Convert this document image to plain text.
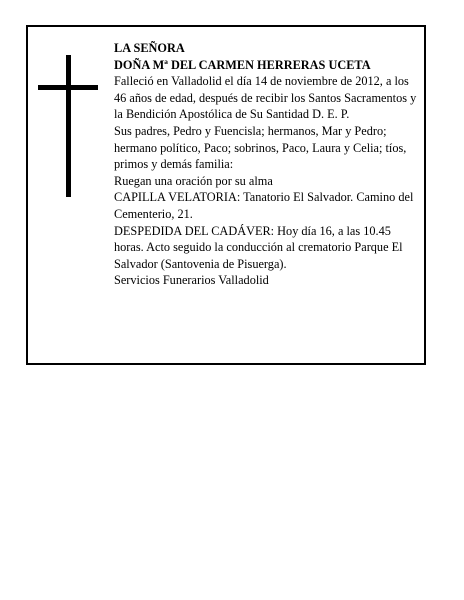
LA SEÑORA

DOÑA Mª DEL CARMEN HERRERAS UCETA

Falleció en Valladolid el día 14 de noviembre de 2012, a los 46 años de edad, después de recibir los Santos Sacramentos y la Bendición Apostólica de Su Santidad D. E. P.

Sus padres, Pedro y Fuencisla; hermanos, Mar y Pedro; hermano político, Paco; sobrinos, Paco, Laura y Celia; tíos, primos y demás familia:

Ruegan una oración por su alma

CAPILLA VELATORIA: Tanatorio El Salvador. Camino del Cementerio, 21.

DESPEDIDA DEL CADÁVER: Hoy día 16, a las 10.45 horas. Acto seguido la conducción al crematorio Parque El Salvador (Santovenia de Pisuerga).

Servicios Funerarios Valladolid
